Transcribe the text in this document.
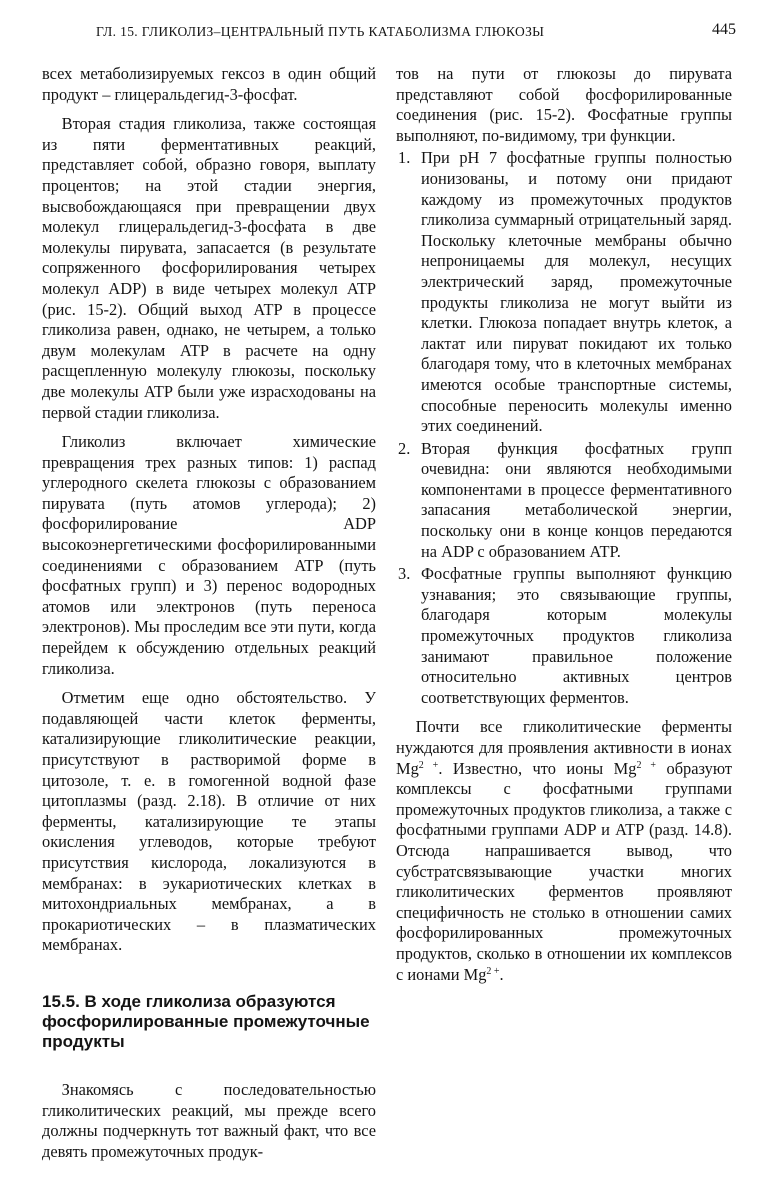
ГЛ. 15. ГЛИКОЛИЗ–ЦЕНТРАЛЬНЫЙ ПУТЬ КАТАБОЛИЗМА ГЛЮКОЗЫ	445

всех метаболизируемых гексоз в один общий продукт – глицеральдегид-3-фосфат.

Вторая стадия гликолиза, также состоящая из пяти ферментативных реакций, представляет собой, образно говоря, выплату процентов; на этой стадии энергия, высвобождающаяся при превращении двух молекул глицеральдегид-3-фосфата в две молекулы пирувата, запасается (в результате сопряженного фосфорилирования четырех молекул ADP) в виде четырех молекул ATP (рис. 15-2). Общий выход ATP в процессе гликолиза равен, однако, не четырем, а только двум молекулам ATP в расчете на одну расщепленную молекулу глюкозы, поскольку две молекулы ATP были уже израсходованы на первой стадии гликолиза.

Гликолиз включает химические превращения трех разных типов: 1) распад углеродного скелета глюкозы с образованием пирувата (путь атомов углерода); 2) фосфорилирование ADP высокоэнергетическими фосфорилированными соединениями с образованием ATP (путь фосфатных групп) и 3) перенос водородных атомов или электронов (путь переноса электронов). Мы проследим все эти пути, когда перейдем к обсуждению отдельных реакций гликолиза.

Отметим еще одно обстоятельство. У подавляющей части клеток ферменты, катализирующие гликолитические реакции, присутствуют в растворимой форме в цитозоле, т. е. в гомогенной водной фазе цитоплазмы (разд. 2.18). В отличие от них ферменты, катализирующие те этапы окисления углеводов, которые требуют присутствия кислорода, локализуются в мембранах: в эукариотических клетках в митохондриальных мембранах, а в прокариотических – в плазматических мембранах.

15.5. В ходе гликолиза образуются фосфорилированные промежуточные продукты

Знакомясь с последовательностью гликолитических реакций, мы прежде всего должны подчеркнуть тот важный факт, что все девять промежуточных продук-

тов на пути от глюкозы до пирувата представляют собой фосфорилированные соединения (рис. 15-2). Фосфатные группы выполняют, по-видимому, три функции.

1. При pH 7 фосфатные группы полностью ионизованы, и потому они придают каждому из промежуточных продуктов гликолиза суммарный отрицательный заряд. Поскольку клеточные мембраны обычно непроницаемы для молекул, несущих электрический заряд, промежуточные продукты гликолиза не могут выйти из клетки. Глюкоза попадает внутрь клеток, а лактат или пируват покидают их только благодаря тому, что в клеточных мембранах имеются особые транспортные системы, способные переносить молекулы именно этих соединений.
2. Вторая функция фосфатных групп очевидна: они являются необходимыми компонентами в процессе ферментативного запасания метаболической энергии, поскольку они в конце концов передаются на ADP с образованием ATP.
3. Фосфатные группы выполняют функцию узнавания; это связывающие группы, благодаря которым молекулы промежуточных продуктов гликолиза занимают правильное положение относительно активных центров соответствующих ферментов.

Почти все гликолитические ферменты нуждаются для проявления активности в ионах $Mg^{2 +}$. Известно, что ионы $Mg^{2 +}$ образуют комплексы с фосфатными группами промежуточных продуктов гликолиза, а также с фосфатными группами ADP и ATP (разд. 14.8). Отсюда напрашивается вывод, что субстратсвязывающие участки многих гликолитических ферментов проявляют специфичность не столько в отношении самих фосфорилированных промежуточных продуктов, сколько в отношении их комплексов с ионами $Mg^{2 +}$.
